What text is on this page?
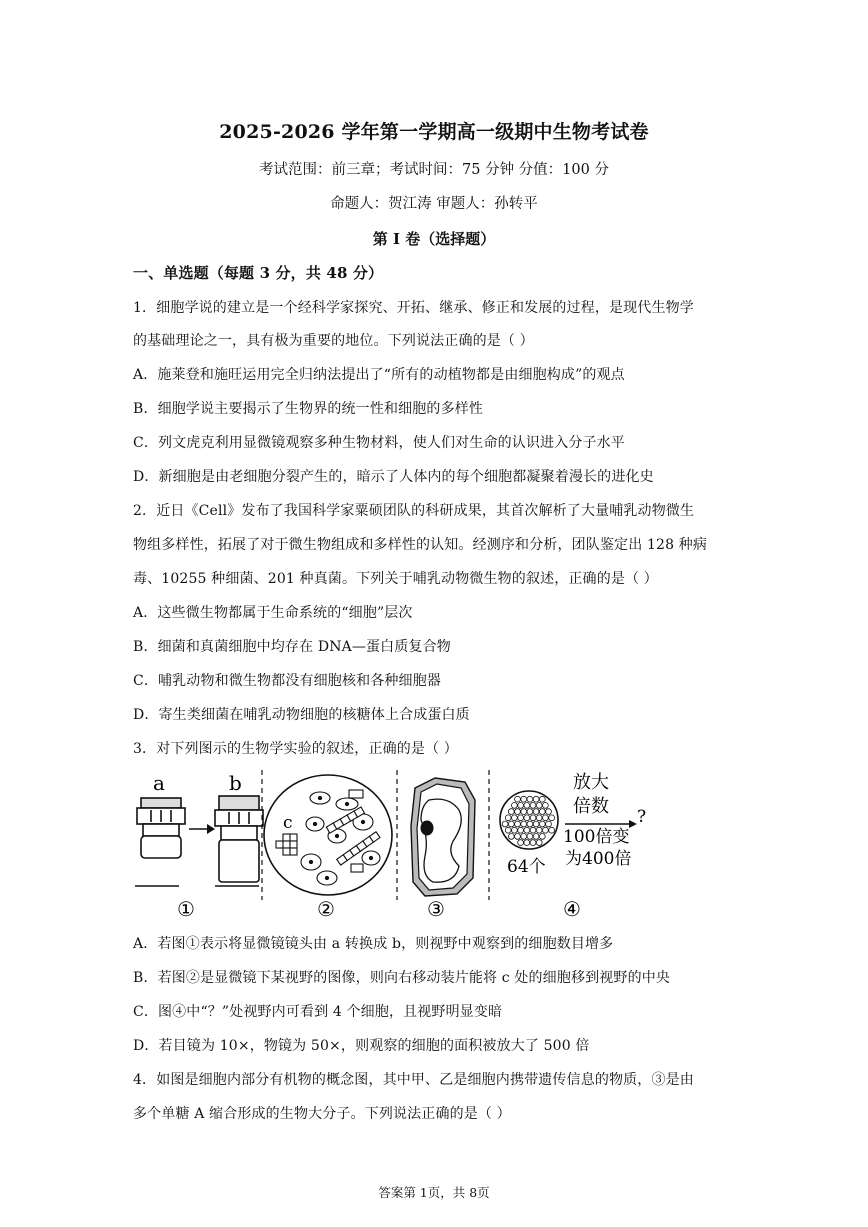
2025-2026 学年第一学期高一级期中生物考试卷
考试范围：前三章；考试时间：75 分钟 分值：100 分
命题人：贺江涛 审题人：孙转平
第 I 卷（选择题）
一、单选题（每题 3 分，共 48 分）
1．细胞学说的建立是一个经科学家探究、开拓、继承、修正和发展的过程，是现代生物学
的基础理论之一，具有极为重要的地位。下列说法正确的是（ ）
A．施莱登和施旺运用完全归纳法提出了“所有的动植物都是由细胞构成”的观点
B．细胞学说主要揭示了生物界的统一性和细胞的多样性
C．列文虎克利用显微镜观察多种生物材料，使人们对生命的认识进入分子水平
D．新细胞是由老细胞分裂产生的，暗示了人体内的每个细胞都凝聚着漫长的进化史
2．近日《Cell》发布了我国科学家粟硕团队的科研成果，其首次解析了大量哺乳动物微生
物组多样性，拓展了对于微生物组成和多样性的认知。经测序和分析，团队鉴定出 128 种病
毒、10255 种细菌、201 种真菌。下列关于哺乳动物微生物的叙述，正确的是（ ）
A．这些微生物都属于生命系统的“细胞”层次
B．细菌和真菌细胞中均存在 DNA—蛋白质复合物
C．哺乳动物和微生物都没有细胞核和各种细胞器
D．寄生类细菌在哺乳动物细胞的核糖体上合成蛋白质
3．对下列图示的生物学实验的叙述，正确的是（ ）
a	b
c
64个
放大
倍数 ?
100倍变
为400倍
①	②	③	④
A．若图①表示将显微镜镜头由 a 转换成 b，则视野中观察到的细胞数目增多
B．若图②是显微镜下某视野的图像，则向右移动装片能将 c 处的细胞移到视野的中央
C．图④中“？”处视野内可看到 4 个细胞，且视野明显变暗
D．若目镜为 10×，物镜为 50×，则观察的细胞的面积被放大了 500 倍
4．如图是细胞内部分有机物的概念图，其中甲、乙是细胞内携带遗传信息的物质，③是由
多个单糖 A 缩合形成的生物大分子。下列说法正确的是（ ）
答案第 1页，共 8页
